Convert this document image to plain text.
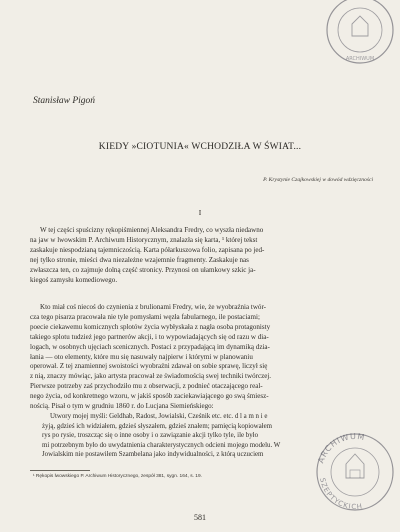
Stanisław Pigoń
KIEDY »CIOTUNIA« WCHODZIŁA W ŚWIAT...
P. Krystynie Czajkowskiej w dowód wdzięczności
I
W tej części spuścizny rękopiśmiennej Aleksandra Fredry, co wyszła niedawno
na jaw w lwowskim P. Archiwum Historycznym, znalazła się karta, ¹ której tekst
zaskakuje niespodzianą tajemniczością. Karta półarkuszowa folio, zapisana po jed-
nej tylko stronie, mieści dwa niezależne wzajemnie fragmenty. Zaskakuje nas
zwłaszcza ten, co zajmuje dolną część stronicy. Przynosi on ułamkowy szkic ja-
kiegoś zamysłu komediowego.
Kto miał coś niecoś do czynienia z brulionami Fredry, wie, że wyobraźnia twór-
cza tego pisarza pracowała nie tyle pomysłami węzła fabularnego, ile postaciami;
poecie ciekawemu komicznych splotów życia wybłyskała z nagła osoba protagonisty
takiego splotu tudzież jego partnerów akcji, i to wypowiadających się od razu w dia-
logach, w osobnych ujęciach scenicznych. Postaci z przypadającą im dynamiką dzia-
łania — oto elementy, które mu się nasuwały najpierw i którymi w planowaniu
operował. Z tej znamiennej swoistości wyobraźni zdawał on sobie sprawę, liczył się
z nią, znaczy mówiąc, jako artysta pracował ze świadomością swej techniki twórczej.
Pierwsze potrzeby zaś przychodziło mu z obserwacji, z podnieć otaczającego real-
nego życia, od konkretnego wzoru, w jakiś sposób zaciekawiającego go swą śmiesz-
nością. Pisał o tym w grudniu 1860 r. do Lucjana Siemieńskiego:
Utwory mojej myśli: Geldhab, Radost, Jowialski, Cześnik etc. etc. d l a m n i e
żyją, gdzieś ich widziałem, gdzieś słyszałem, gdzieś znałem; pamięcią kopiowałem
rys po rysie, troszcząc się o inne osoby i o zawiązanie akcji tylko tyle, ile było
mi potrzebnym było do uwydatnienia charakterystycznych odcieni mojego modelu. W
Jowialskim nie postawiłem Szambelana jako indywidualności, z którą uczuciem
¹ Rękopis lwowskiego P. Archiwum Historycznego, zespół 381, sygn. 164, s. 19.
581
ARCHIWUM
ARCHIWUM
SZEPTYCKICH
